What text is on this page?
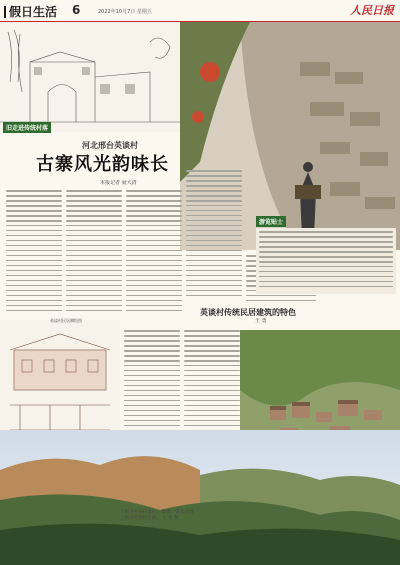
假日生活 6	2022年10月7日 星期五	人民日报
旧走进传统村落
河北邢台英谈村
古寨风光韵味长
本报记者 聂大清
游览贴士
英谈村传统民居建筑的特色
王 勇
英谈村民居测绘图
大图为英谈村景色。 影像：聂大清摄
上图为英谈村古寨。 王 勇 摄
